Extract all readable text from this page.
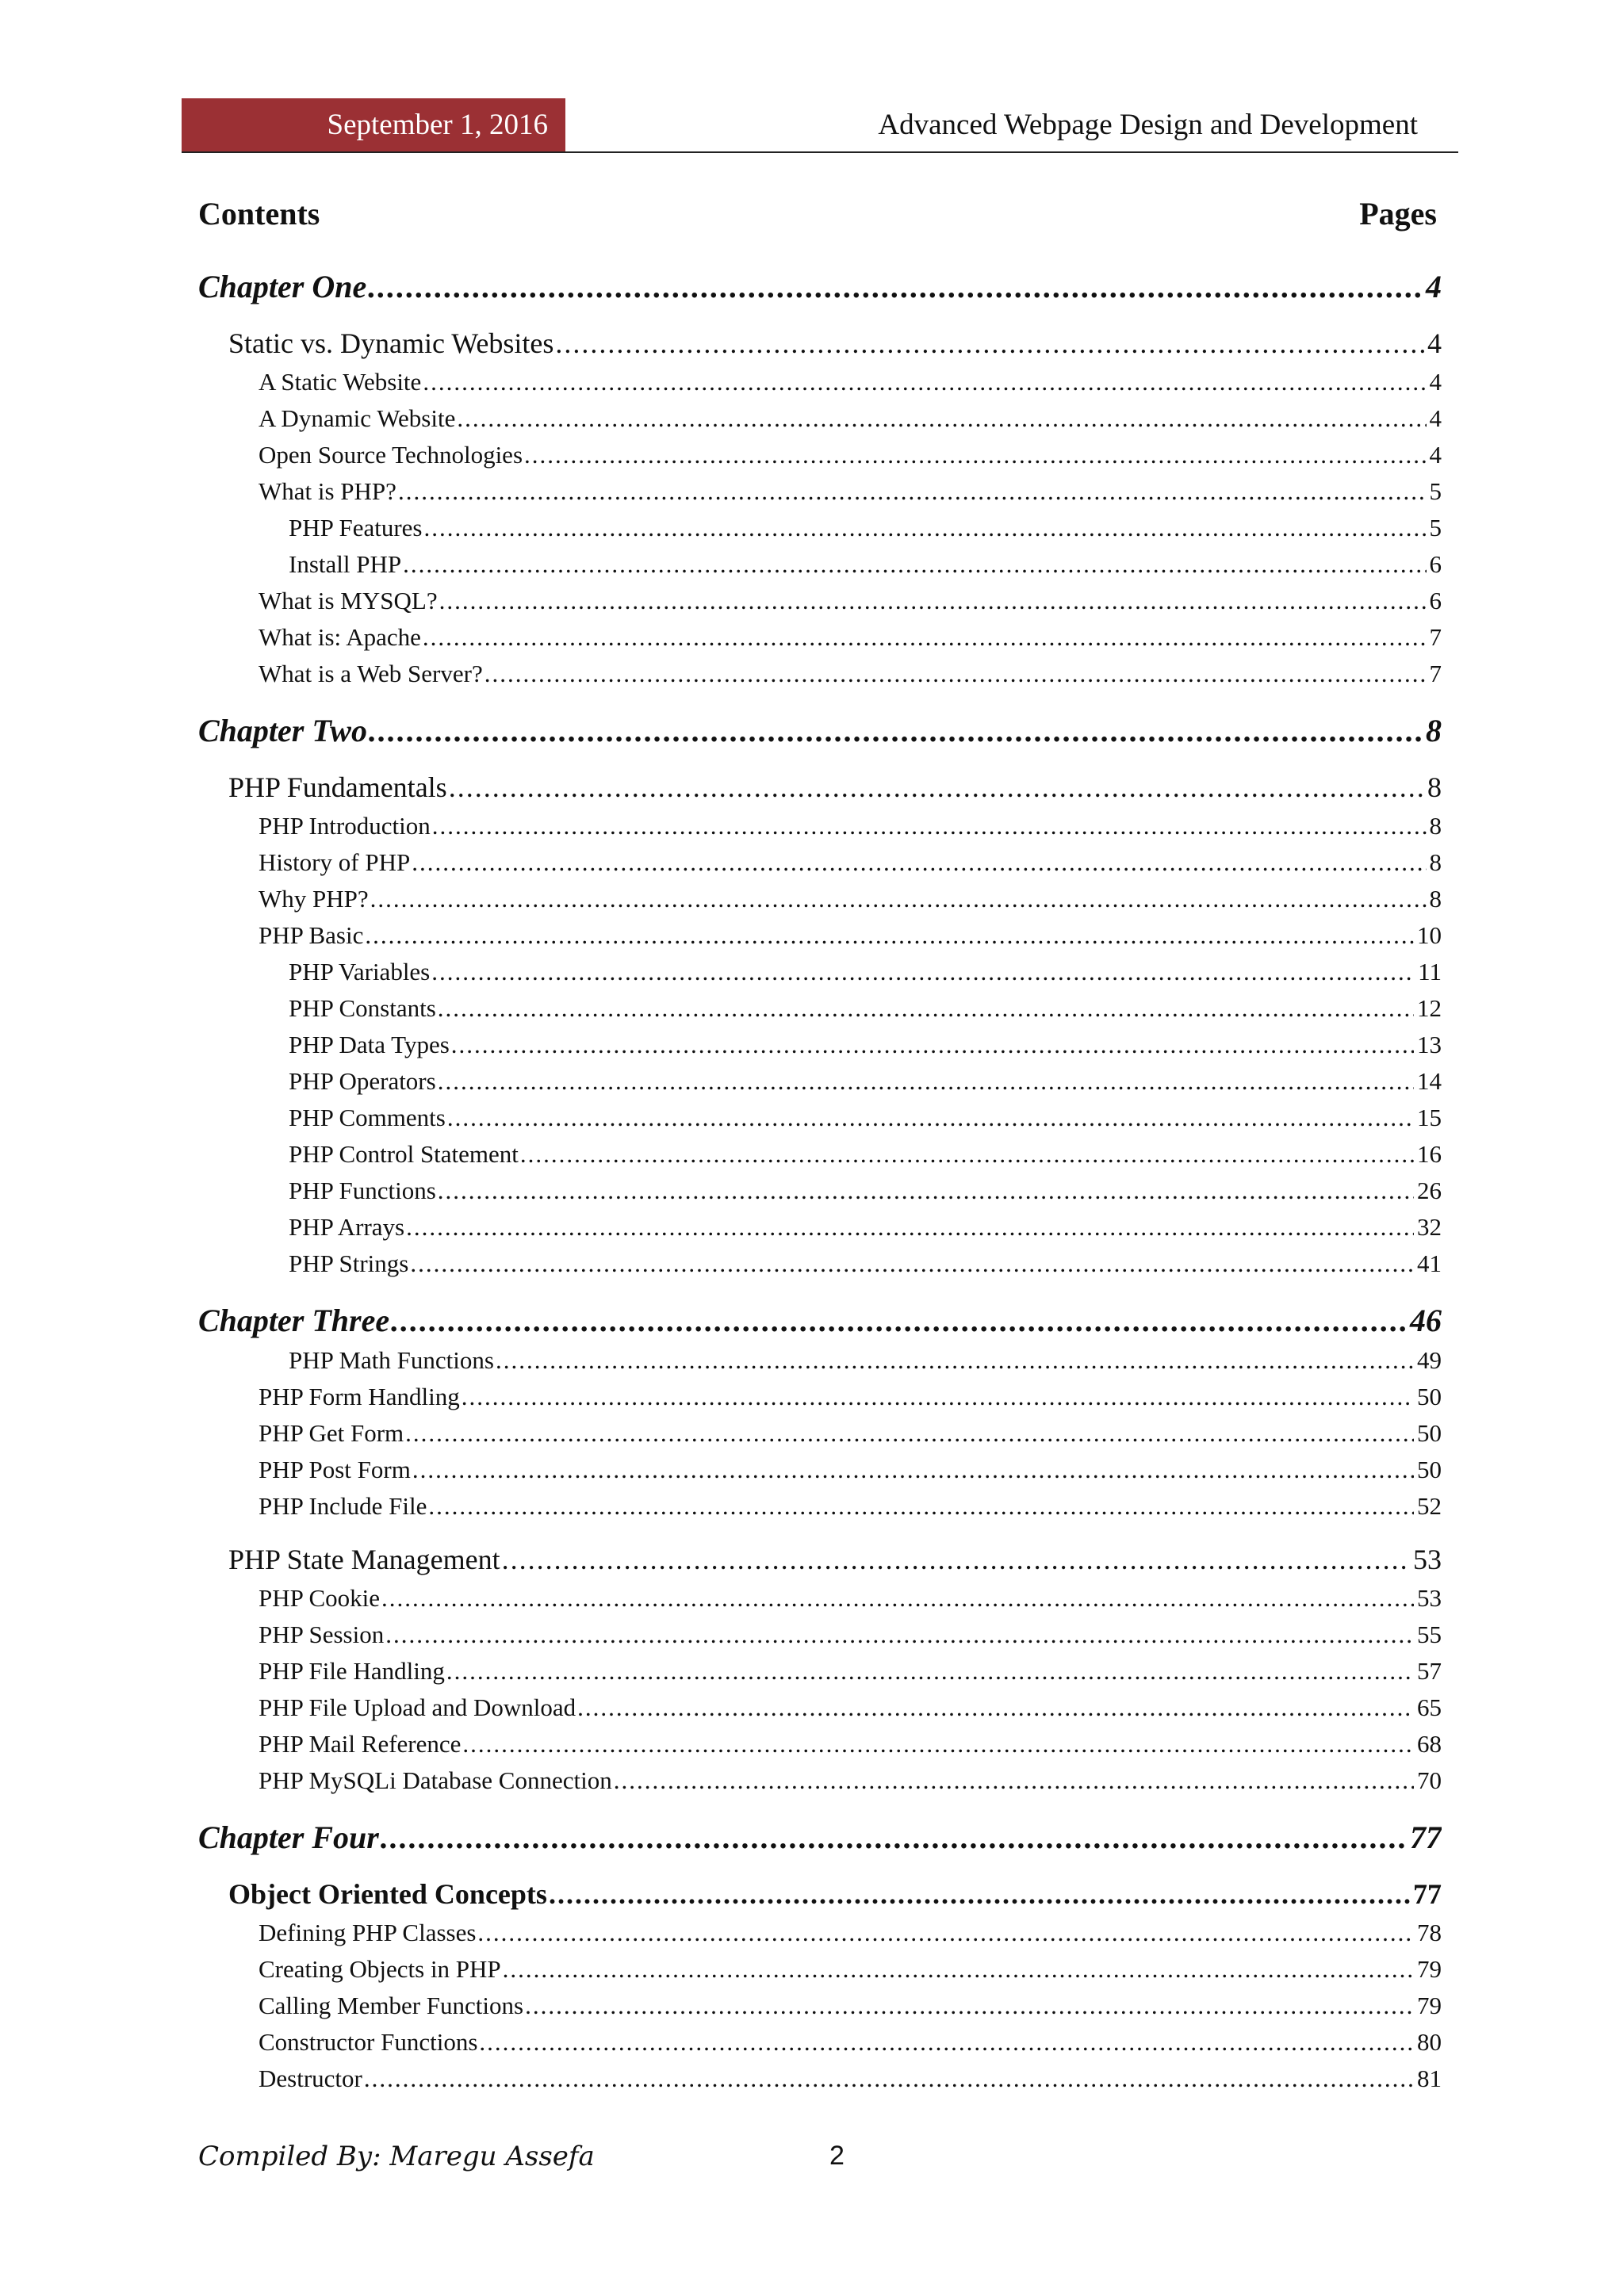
September 1, 2016	Advanced Webpage Design and Development
Contents	Pages
Chapter One .....	4
Static vs. Dynamic Websites .....	4
A Static Website .....	4
A Dynamic Website .....	4
Open Source Technologies .....	4
What is PHP? .....	5
PHP Features .....	5
Install PHP .....	6
What is MYSQL? .....	6
What is: Apache .....	7
What is a Web Server? .....	7
Chapter Two .....	8
PHP Fundamentals .....	8
PHP Introduction .....	8
History of PHP .....	8
Why PHP? .....	8
PHP Basic .....	10
PHP Variables .....	11
PHP Constants .....	12
PHP Data Types .....	13
PHP Operators .....	14
PHP Comments .....	15
PHP Control Statement .....	16
PHP Functions .....	26
PHP Arrays .....	32
PHP Strings .....	41
Chapter Three .....	46
PHP Math Functions .....	49
PHP Form Handling .....	50
PHP Get Form .....	50
PHP Post Form .....	50
PHP Include File .....	52
PHP State Management .....	53
PHP Cookie .....	53
PHP Session .....	55
PHP File Handling .....	57
PHP File Upload and Download .....	65
PHP Mail Reference .....	68
PHP MySQLi Database Connection .....	70
Chapter Four .....	77
Object Oriented Concepts .....	77
Defining PHP Classes .....	78
Creating Objects in PHP .....	79
Calling Member Functions .....	79
Constructor Functions .....	80
Destructor .....	81
Compiled By: Maregu Assefa	2
